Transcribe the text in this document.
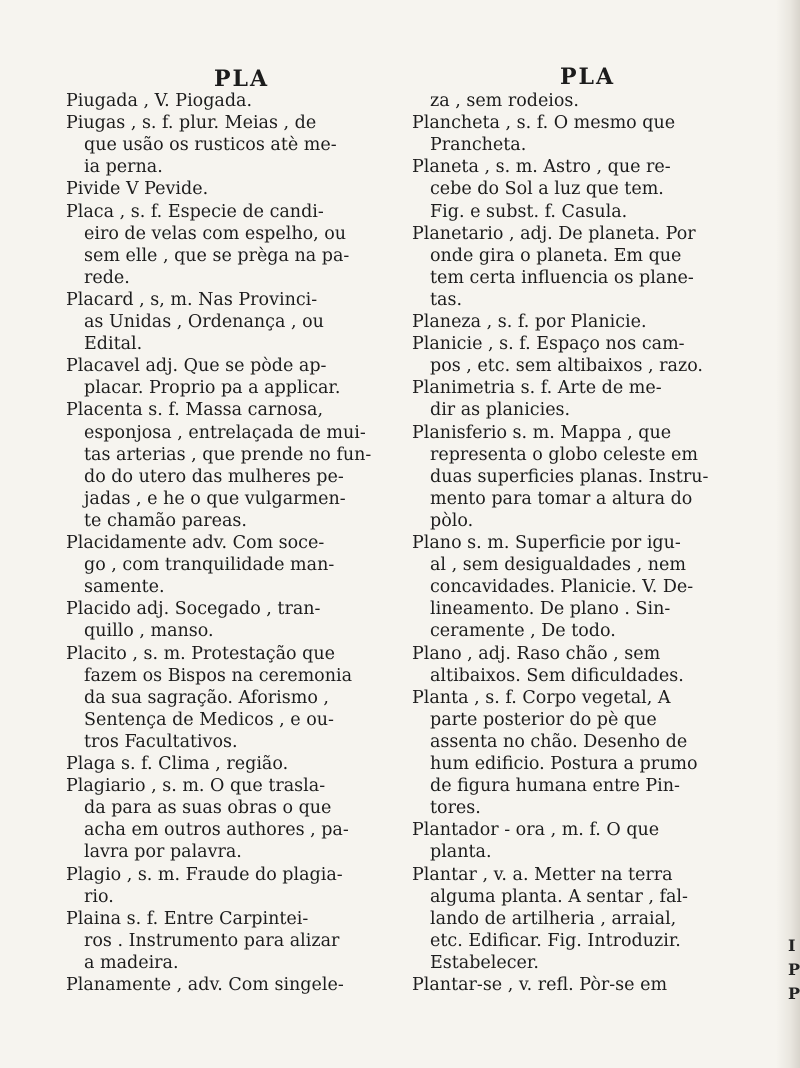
PLA	PLA
Piugada , V. Piogada.
Piugas , s. f. plur. Meias , de
que usão os rusticos atè me-
ia perna.
Pivide V Pevide.
Placa , s. f. Especie de candi-
eiro de velas com espelho, ou
sem elle , que se prèga na pa-
rede.
Placard , s, m. Nas Provinci-
as Unidas , Ordenança , ou
Edital.
Placavel adj. Que se pòde ap-
placar. Proprio pa a applicar.
Placenta s. f. Massa carnosa,
esponjosa , entrelaçada de mui-
tas arterias , que prende no fun-
do do utero das mulheres pe-
jadas , e he o que vulgarmen-
te chamão pareas.
Placidamente adv. Com soce-
go , com tranquilidade man-
samente.
Placido adj. Socegado , tran-
quillo , manso.
Placito , s. m. Protestação que
fazem os Bispos na ceremonia
da sua sagração. Aforismo ,
Sentença de Medicos , e ou-
tros Facultativos.
Plaga s. f. Clima , região.
Plagiario , s. m. O que trasla-
da para as suas obras o que
acha em outros authores , pa-
lavra por palavra.
Plagio , s. m. Fraude do plagia-
rio.
Plaina s. f. Entre Carpintei-
ros . Instrumento para alizar
a madeira.
Planamente , adv. Com singele-
za , sem rodeios.
Plancheta , s. f. O mesmo que
Prancheta.
Planeta , s. m. Astro , que re-
cebe do Sol a luz que tem.
Fig. e subst. f. Casula.
Planetario , adj. De planeta. Por
onde gira o planeta. Em que
tem certa influencia os plane-
tas.
Planeza , s. f. por Planicie.
Planicie , s. f. Espaço nos cam-
pos , etc. sem altibaixos , razo.
Planimetria s. f. Arte de me-
dir as planicies.
Planisferio s. m. Mappa , que
representa o globo celeste em
duas superficies planas. Instru-
mento para tomar a altura do
pòlo.
Plano s. m. Superficie por igu-
al , sem desigualdades , nem
concavidades. Planicie. V. De-
lineamento. De plano . Sin-
ceramente , De todo.
Plano , adj. Raso chão , sem
altibaixos. Sem dificuldades.
Planta , s. f. Corpo vegetal, A
parte posterior do pè que
assenta no chão. Desenho de
hum edificio. Postura a prumo
de figura humana entre Pin-
tores.
Plantador - ora , m. f. O que
planta.
Plantar , v. a. Metter na terra
alguma planta. A sentar , fal-
lando de artilheria , arraial,
etc. Edificar. Fig. Introduzir.
Estabelecer.
Plantar-se , v. refl. Pòr-se em
I
P
P
